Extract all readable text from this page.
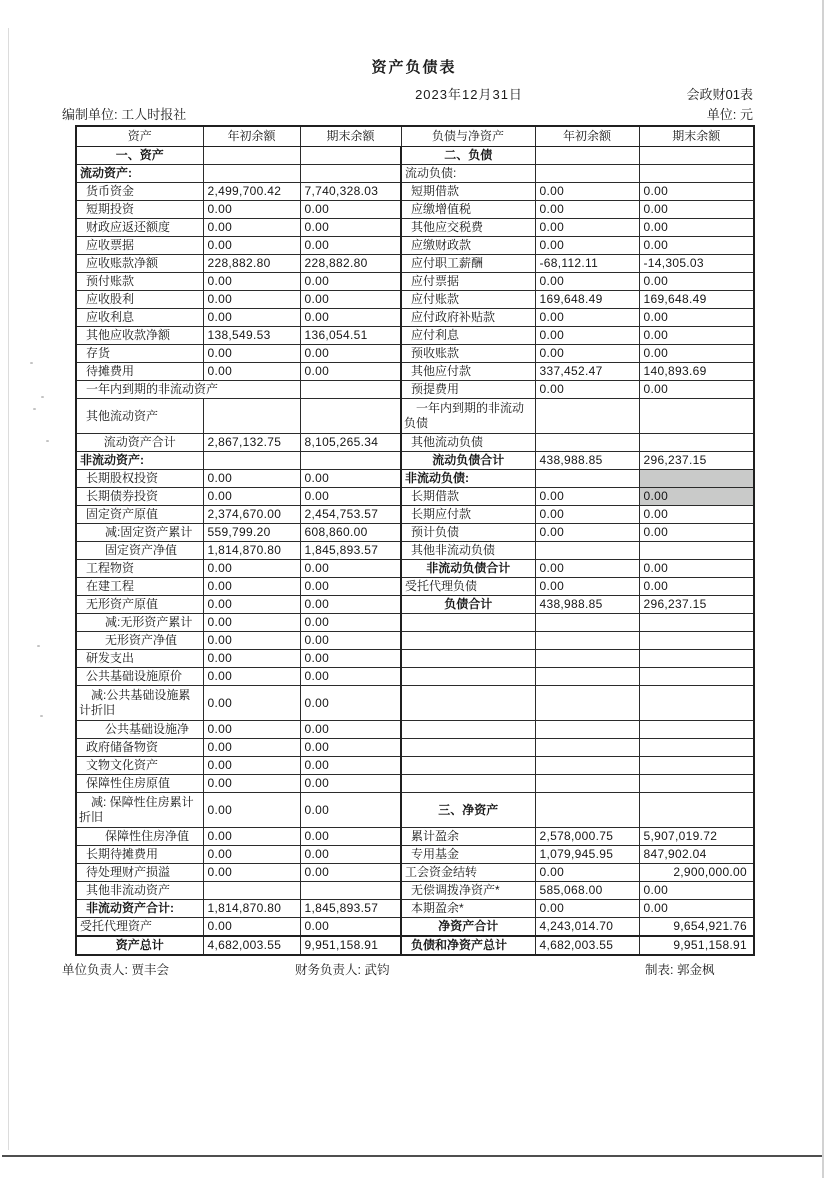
资产负债表
2023年12月31日	会政财01表
编制单位: 工人时报社	单位: 元
资产	年初余额	期末余额	负债与净资产	年初余额	期末余额
一、资产			二、负债		
流动资产:			流动负债:		
货币资金	2,499,700.42	7,740,328.03	短期借款	0.00	0.00
短期投资	0.00	0.00	应缴增值税	0.00	0.00
财政应返还额度	0.00	0.00	其他应交税费	0.00	0.00
应收票据	0.00	0.00	应缴财政款	0.00	0.00
应收账款净额	228,882.80	228,882.80	应付职工薪酬	-68,112.11	-14,305.03
预付账款	0.00	0.00	应付票据	0.00	0.00
应收股利	0.00	0.00	应付账款	169,648.49	169,648.49
应收利息	0.00	0.00	应付政府补贴款	0.00	0.00
其他应收款净额	138,549.53	136,054.51	应付利息	0.00	0.00
存货	0.00	0.00	预收账款	0.00	0.00
待摊费用	0.00	0.00	其他应付款	337,452.47	140,893.69
一年内到期的非流动资产			预提费用	0.00	0.00
其他流动资产			一年内到期的非流动负债		
流动资产合计	2,867,132.75	8,105,265.34	其他流动负债		
非流动资产:			流动负债合计	438,988.85	296,237.15
长期股权投资	0.00	0.00	非流动负债:		
长期债券投资	0.00	0.00	长期借款	0.00	0.00
固定资产原值	2,374,670.00	2,454,753.57	长期应付款	0.00	0.00
减:固定资产累计	559,799.20	608,860.00	预计负债	0.00	0.00
固定资产净值	1,814,870.80	1,845,893.57	其他非流动负债		
工程物资	0.00	0.00	非流动负债合计	0.00	0.00
在建工程	0.00	0.00	受托代理负债	0.00	0.00
无形资产原值	0.00	0.00	负债合计	438,988.85	296,237.15
减:无形资产累计	0.00	0.00			
无形资产净值	0.00	0.00			
研发支出	0.00	0.00			
公共基础设施原价	0.00	0.00			
减:公共基础设施累计折旧	0.00	0.00			
公共基础设施净	0.00	0.00			
政府储备物资	0.00	0.00			
文物文化资产	0.00	0.00			
保障性住房原值	0.00	0.00			
减: 保障性住房累计折旧	0.00	0.00	三、净资产		
保障性住房净值	0.00	0.00	累计盈余	2,578,000.75	5,907,019.72
长期待摊费用	0.00	0.00	专用基金	1,079,945.95	847,902.04
待处理财产损溢	0.00	0.00	工会资金结转	0.00	2,900,000.00
其他非流动资产			无偿调拨净资产*	585,068.00	0.00
非流动资产合计:	1,814,870.80	1,845,893.57	本期盈余*	0.00	0.00
受托代理资产	0.00	0.00	净资产合计	4,243,014.70	9,654,921.76
资产总计	4,682,003.55	9,951,158.91	负债和净资产总计	4,682,003.55	9,951,158.91
单位负责人: 贾丰会	财务负责人: 武钧	制表: 郭金枫
